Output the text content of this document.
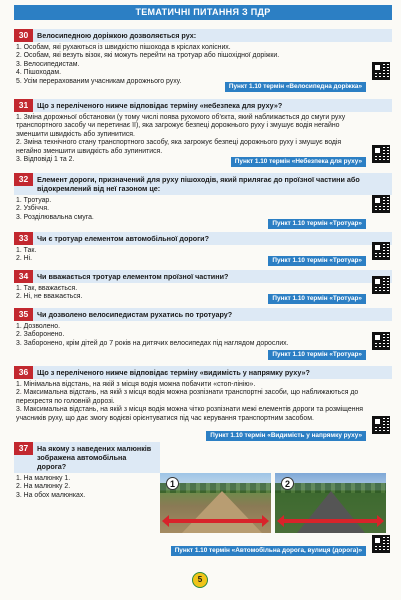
ТЕМАТИЧНІ ПИТАННЯ З ПДР
30	Велосипедною доріжкою дозволяється рух:
1. Особам, які рухаються із швидкістю пішохода в кріслах колісних.
2. Особам, які везуть візок, які можуть перейти на тротуар або пішохідної доріжки.
3. Велосипедистам.
4. Пішоходам.
5. Усім перерахованим учасникам дорожнього руху.
Пункт 1.10 термін «Велосипедна доріжка»
31	Що з переліченого нижче відповідає терміну «небезпека для руху»?
1. Зміна дорожньої обстановки (у тому числі поява рухомого об'єкта, який наближається до смуги руху транспортного засобу чи перетинає її), яка загрожує безпеці дорожнього руху і змушує водія негайно зменшити швидкість або зупинитися.
2. Зміна технічного стану транспортного засобу, яка загрожує безпеці дорожнього руху і змушує водія негайно зменшити швидкість або зупинитися.
3. Відповіді 1 та 2.	Пункт 1.10 термін «Небезпека для руху»
32	Елемент дороги, призначений для руху пішоходів, який прилягає до проїзної частини або відокремлений від неї газоном це:
1. Тротуар.
2. Узбіччя.
3. Розділювальна смуга.
Пункт 1.10 термін «Тротуар»
33	Чи є тротуар елементом автомобільної дороги?
1. Так.
2. Ні.	Пункт 1.10 термін «Тротуар»
34	Чи вважається тротуар елементом проїзної частини?
1. Так, вважається.
2. Ні, не вважається.	Пункт 1.10 термін «Тротуар»
35	Чи дозволено велосипедистам рухатись по тротуару?
1. Дозволено.
2. Заборонено.
3. Заборонено, крім дітей до 7 років на дитячих велосипедах під наглядом дорослих.
Пункт 1.10 термін «Тротуар»
36	Що з переліченого нижче відповідає терміну «видимість у напрямку руху»?
1. Мінімальна відстань, на якій з місця водія можна побачити «стоп-лінію».
2. Максимальна відстань, на якій з місця водія можна розпізнати транспортні засоби, що наближаються до перехрестя по головній дорозі.
3. Максимальна відстань, на якій з місця водія можна чітко розпізнати межі елементів дороги та розміщення учасників руху, що дає змогу водієві орієнтуватися під час керування транспортним засобом.
Пункт 1.10 термін «Видимість у напрямку руху»
37	На якому з наведених малюнків зображена автомобільна дорога?
1. На малюнку 1.
2. На малюнку 2.
3. На обох малюнках.
Пункт 1.10 термін «Автомобільна дорога, вулиця (дорога)»
1	2
5
